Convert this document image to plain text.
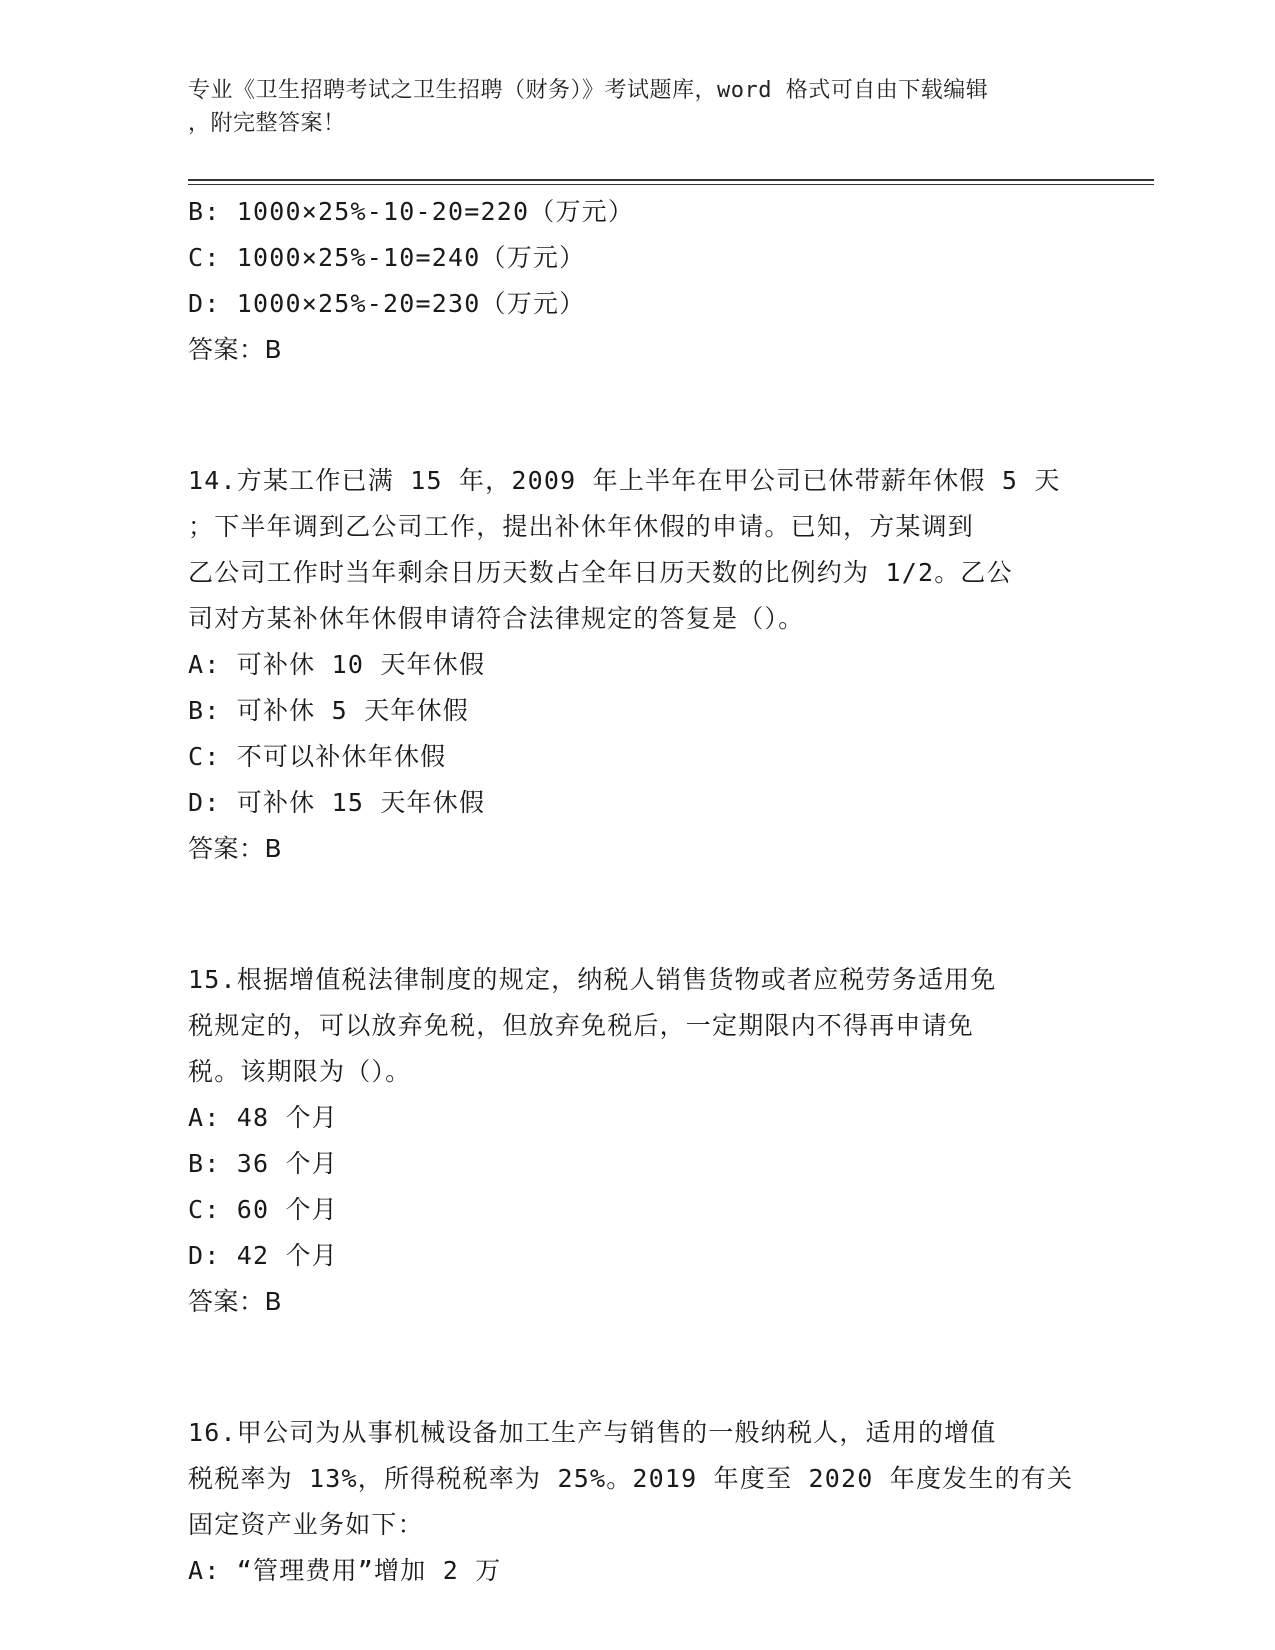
专业《卫生招聘考试之卫生招聘（财务）》考试题库，word 格式可自由下载编辑
，附完整答案！
B: 1000×25%-10-20=220（万元）
C: 1000×25%-10=240（万元）
D: 1000×25%-20=230（万元）
答案：B
14.方某工作已满 15 年，2009 年上半年在甲公司已休带薪年休假 5 天
；下半年调到乙公司工作，提出补休年休假的申请。已知，方某调到
乙公司工作时当年剩余日历天数占全年日历天数的比例约为 1/2。乙公
司对方某补休年休假申请符合法律规定的答复是（）。
A: 可补休 10 天年休假
B: 可补休 5 天年休假
C: 不可以补休年休假
D: 可补休 15 天年休假
答案：B
15.根据增值税法律制度的规定，纳税人销售货物或者应税劳务适用免
税规定的，可以放弃免税，但放弃免税后，一定期限内不得再申请免
税。该期限为（）。
A: 48 个月
B: 36 个月
C: 60 个月
D: 42 个月
答案：B
16.甲公司为从事机械设备加工生产与销售的一般纳税人，适用的增值
税税率为 13%，所得税税率为 25%。2019 年度至 2020 年度发生的有关
固定资产业务如下：
A: “管理费用”增加 2 万
